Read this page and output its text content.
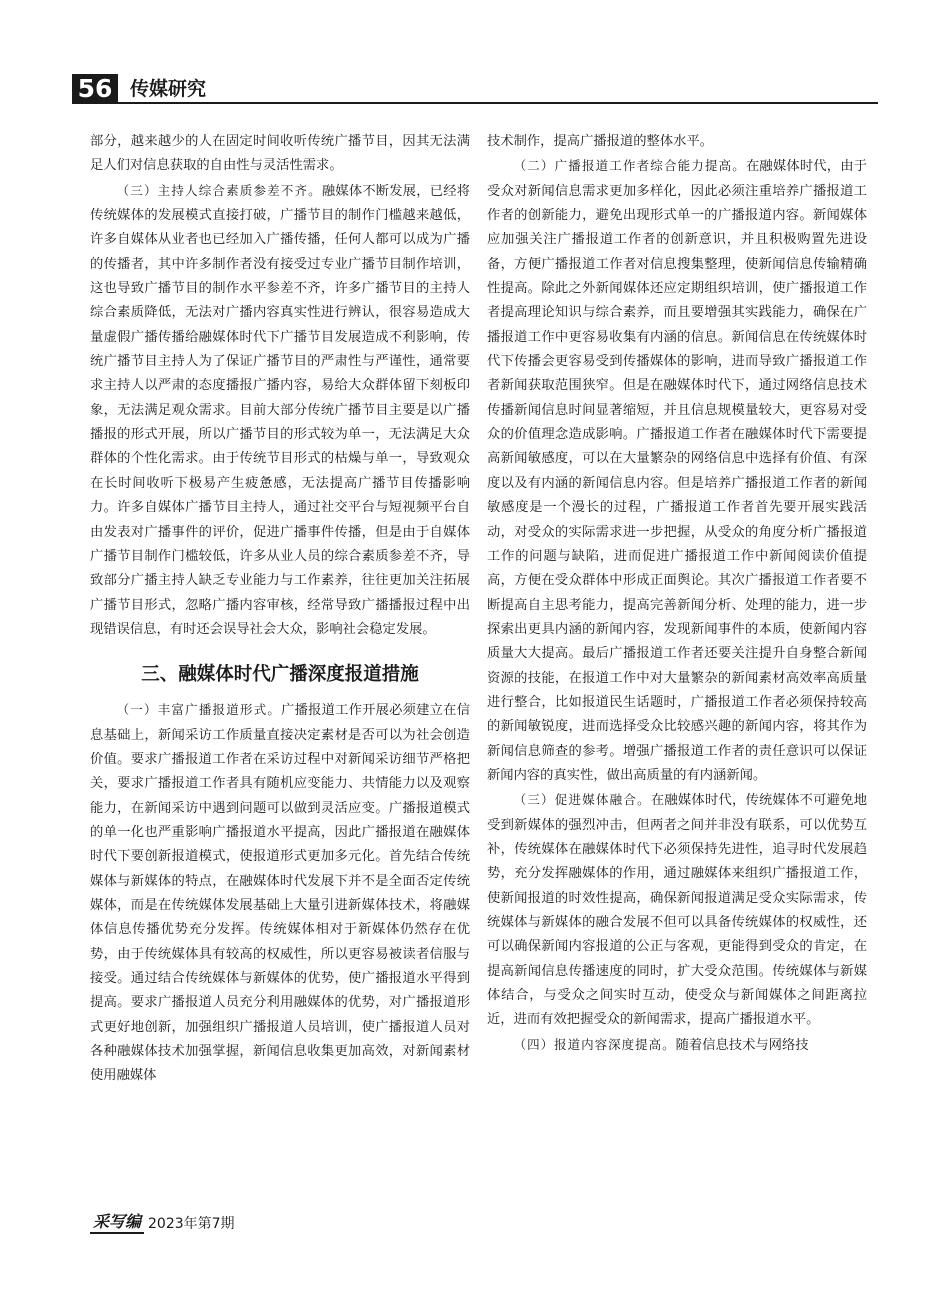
56 传媒研究

部分，越来越少的人在固定时间收听传统广播节目，因其无法满足人们对信息获取的自由性与灵活性需求。

（三）主持人综合素质参差不齐。融媒体不断发展，已经将传统媒体的发展模式直接打破，广播节目的制作门槛越来越低，许多自媒体从业者也已经加入广播传播，任何人都可以成为广播的传播者，其中许多制作者没有接受过专业广播节目制作培训，这也导致广播节目的制作水平参差不齐，许多广播节目的主持人综合素质降低，无法对广播内容真实性进行辨认，很容易造成大量虚假广播传播给融媒体时代下广播节目发展造成不利影响，传统广播节目主持人为了保证广播节目的严肃性与严谨性，通常要求主持人以严肃的态度播报广播内容，易给大众群体留下刻板印象，无法满足观众需求。目前大部分传统广播节目主要是以广播播报的形式开展，所以广播节目的形式较为单一，无法满足大众群体的个性化需求。由于传统节目形式的枯燥与单一，导致观众在长时间收听下极易产生疲惫感，无法提高广播节目传播影响力。许多自媒体广播节目主持人，通过社交平台与短视频平台自由发表对广播事件的评价，促进广播事件传播，但是由于自媒体广播节目制作门槛较低，许多从业人员的综合素质参差不齐，导致部分广播主持人缺乏专业能力与工作素养，往往更加关注拓展广播节目形式，忽略广播内容审核，经常导致广播播报过程中出现错误信息，有时还会误导社会大众，影响社会稳定发展。

三、融媒体时代广播深度报道措施

（一）丰富广播报道形式。广播报道工作开展必须建立在信息基础上，新闻采访工作质量直接决定素材是否可以为社会创造价值。要求广播报道工作者在采访过程中对新闻采访细节严格把关，要求广播报道工作者具有随机应变能力、共情能力以及观察能力，在新闻采访中遇到问题可以做到灵活应变。广播报道模式的单一化也严重影响广播报道水平提高，因此广播报道在融媒体时代下要创新报道模式，使报道形式更加多元化。首先结合传统媒体与新媒体的特点，在融媒体时代发展下并不是全面否定传统媒体，而是在传统媒体发展基础上大量引进新媒体技术，将融媒体信息传播优势充分发挥。传统媒体相对于新媒体仍然存在优势，由于传统媒体具有较高的权威性，所以更容易被读者信服与接受。通过结合传统媒体与新媒体的优势，使广播报道水平得到提高。要求广播报道人员充分利用融媒体的优势，对广播报道形式更好地创新，加强组织广播报道人员培训，使广播报道人员对各种融媒体技术加强掌握，新闻信息收集更加高效，对新闻素材使用融媒体

技术制作，提高广播报道的整体水平。

（二）广播报道工作者综合能力提高。在融媒体时代，由于受众对新闻信息需求更加多样化，因此必须注重培养广播报道工作者的创新能力，避免出现形式单一的广播报道内容。新闻媒体应加强关注广播报道工作者的创新意识，并且积极购置先进设备，方便广播报道工作者对信息搜集整理，使新闻信息传输精确性提高。除此之外新闻媒体还应定期组织培训，使广播报道工作者提高理论知识与综合素养，而且要增强其实践能力，确保在广播报道工作中更容易收集有内涵的信息。新闻信息在传统媒体时代下传播会更容易受到传播媒体的影响，进而导致广播报道工作者新闻获取范围狭窄。但是在融媒体时代下，通过网络信息技术传播新闻信息时间显著缩短，并且信息规模量较大，更容易对受众的价值理念造成影响。广播报道工作者在融媒体时代下需要提高新闻敏感度，可以在大量繁杂的网络信息中选择有价值、有深度以及有内涵的新闻信息内容。但是培养广播报道工作者的新闻敏感度是一个漫长的过程，广播报道工作者首先要开展实践活动，对受众的实际需求进一步把握，从受众的角度分析广播报道工作的问题与缺陷，进而促进广播报道工作中新闻阅读价值提高，方便在受众群体中形成正面舆论。其次广播报道工作者要不断提高自主思考能力，提高完善新闻分析、处理的能力，进一步探索出更具内涵的新闻内容，发现新闻事件的本质，使新闻内容质量大大提高。最后广播报道工作者还要关注提升自身整合新闻资源的技能，在报道工作中对大量繁杂的新闻素材高效率高质量进行整合，比如报道民生话题时，广播报道工作者必须保持较高的新闻敏锐度，进而选择受众比较感兴趣的新闻内容，将其作为新闻信息筛查的参考。增强广播报道工作者的责任意识可以保证新闻内容的真实性，做出高质量的有内涵新闻。

（三）促进媒体融合。在融媒体时代，传统媒体不可避免地受到新媒体的强烈冲击，但两者之间并非没有联系，可以优势互补，传统媒体在融媒体时代下必须保持先进性，追寻时代发展趋势，充分发挥融媒体的作用，通过融媒体来组织广播报道工作，使新闻报道的时效性提高，确保新闻报道满足受众实际需求，传统媒体与新媒体的融合发展不但可以具备传统媒体的权威性，还可以确保新闻内容报道的公正与客观，更能得到受众的肯定，在提高新闻信息传播速度的同时，扩大受众范围。传统媒体与新媒体结合，与受众之间实时互动，使受众与新闻媒体之间距离拉近，进而有效把握受众的新闻需求，提高广播报道水平。

（四）报道内容深度提高。随着信息技术与网络技

采写编 2023年第7期
